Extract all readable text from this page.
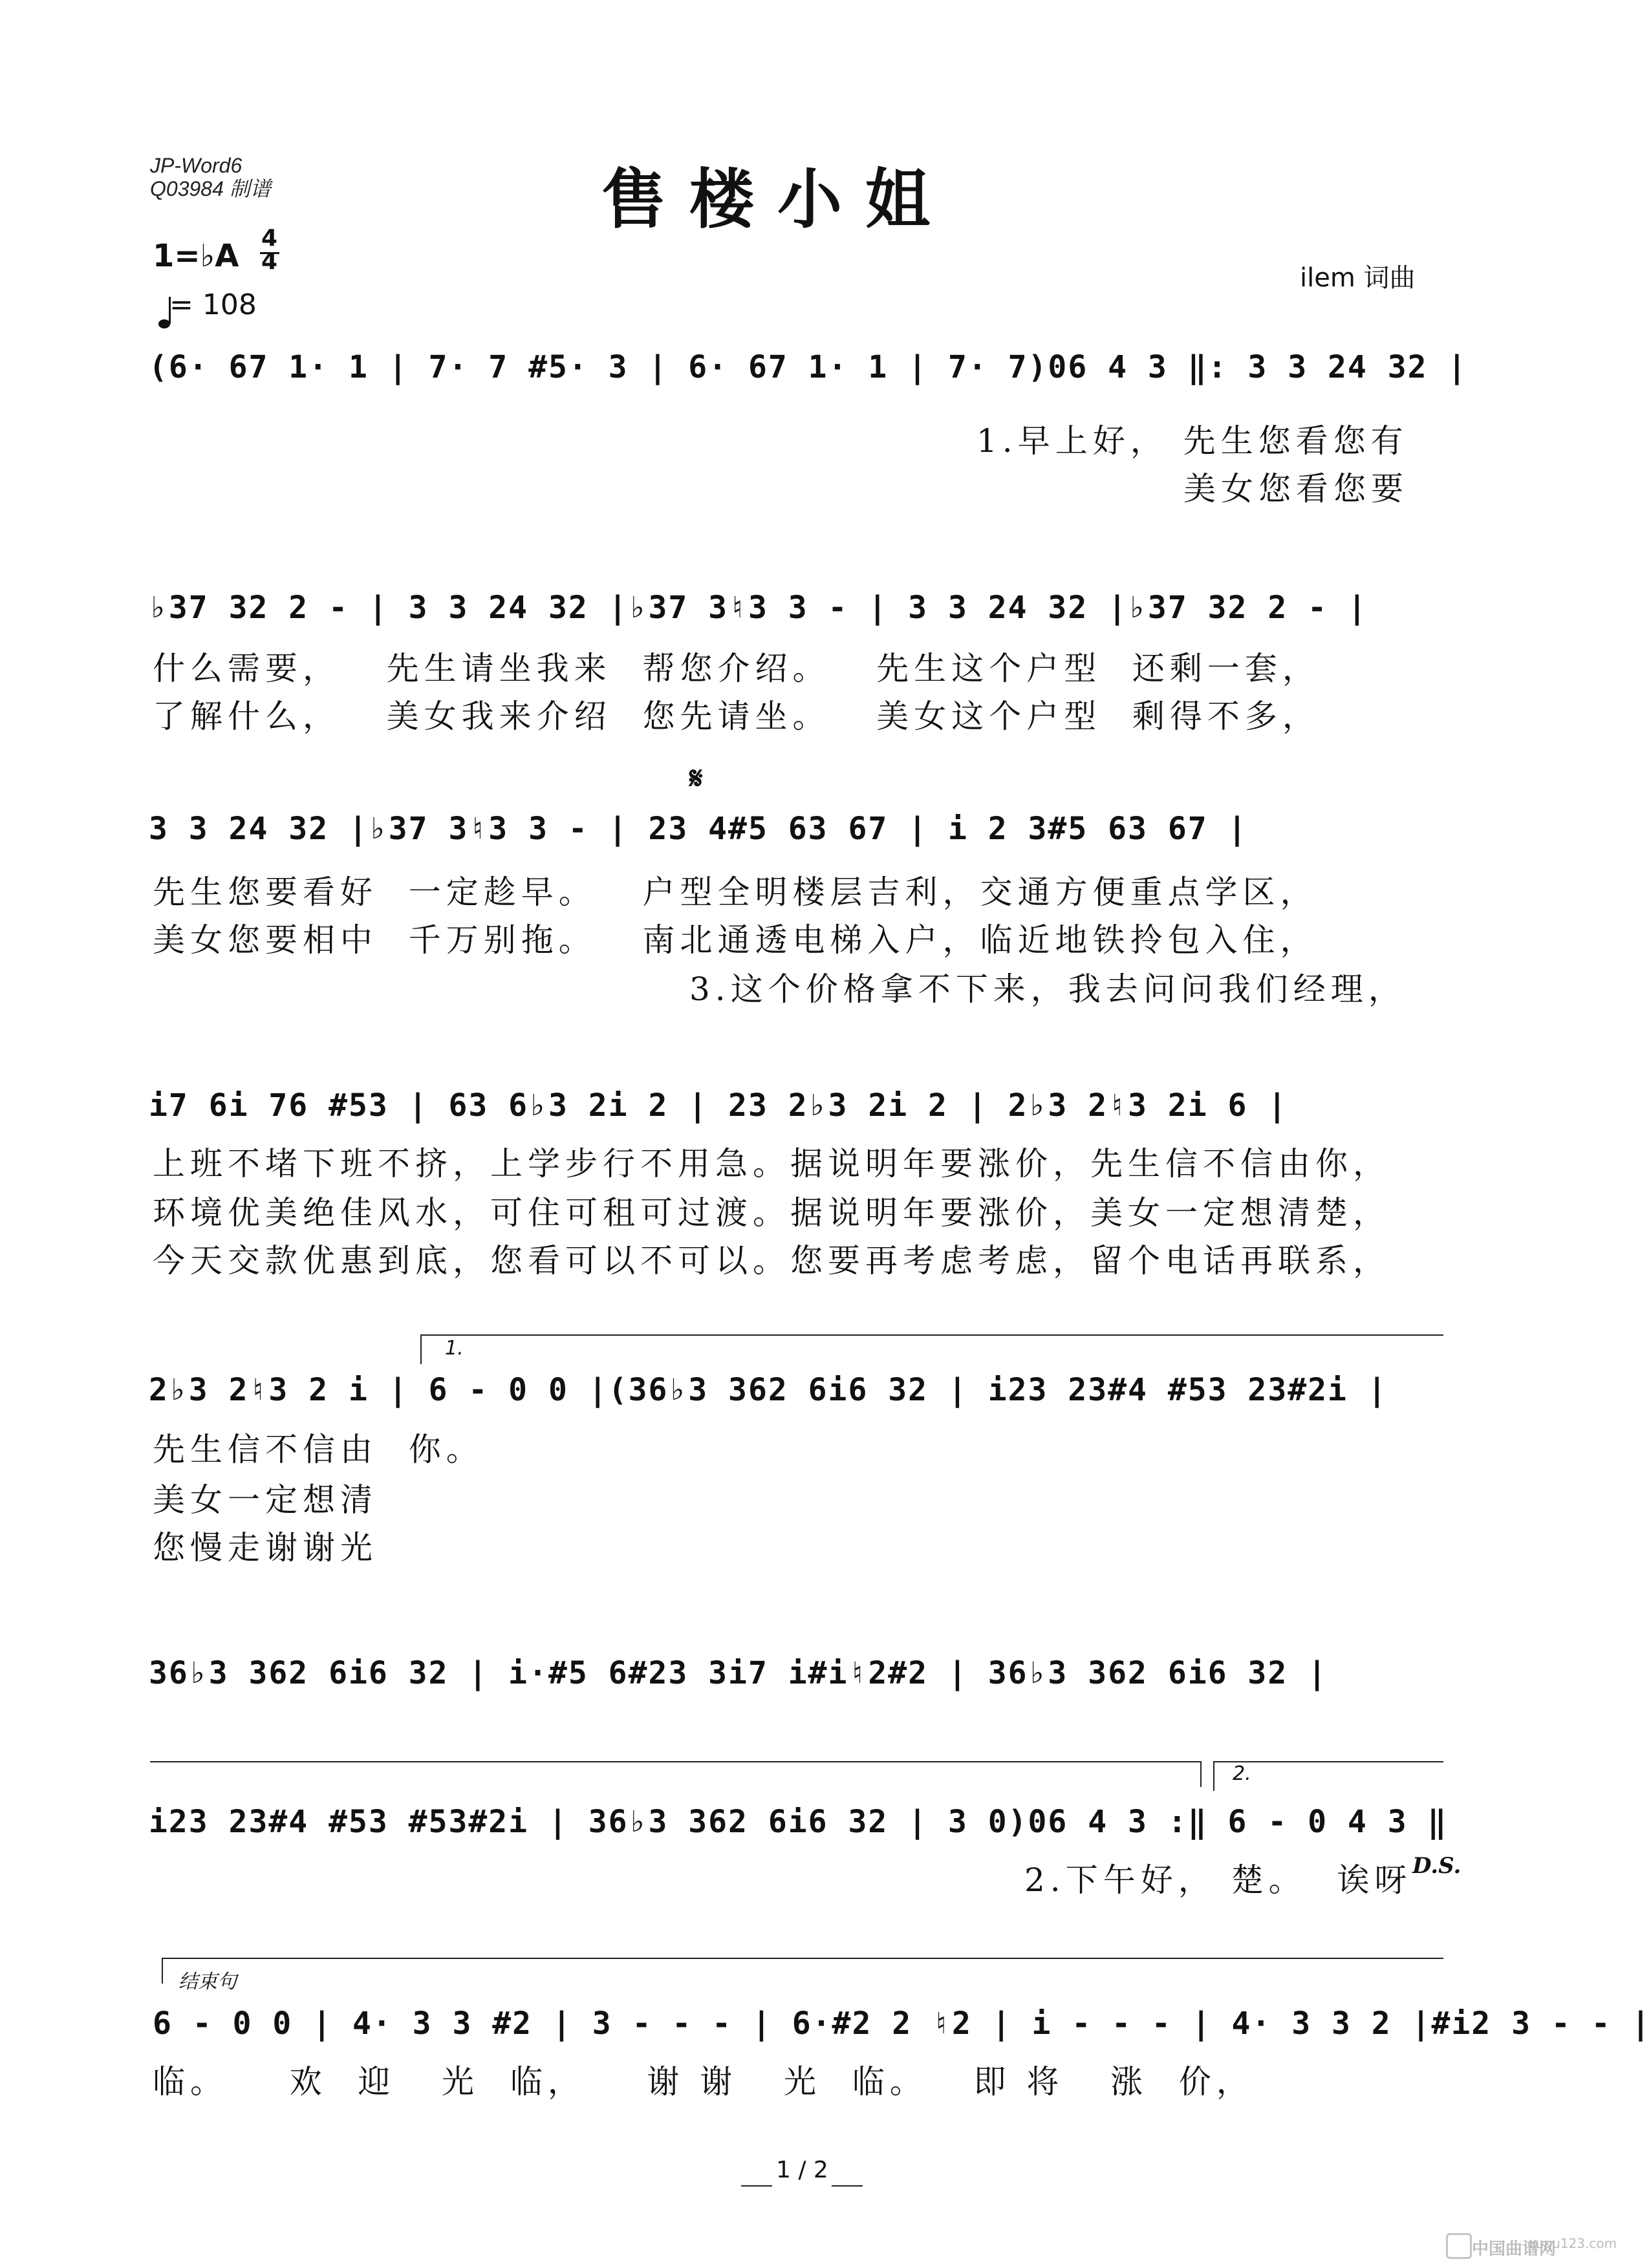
JP-Word6
Q03984 制谱	售楼小姐
1=♭A 4
4

= 108
ilem 词曲
(6· 67 1· 1 | 7· 7 #5· 3 | 6· 67 1· 1 | 7· 7)06 4 3 ‖: 3 3 24 32 |
1.早上好， 先生您看您有
美女您看您要
♭37 32 2 - | 3 3 24 32 |♭37 3♮3 3 - | 3 3 24 32 |♭37 32 2 - |
什么需要，   先生请坐我来  帮您介绍。   先生这个户型  还剩一套，
了解什么，   美女我来介绍  您先请坐。   美女这个户型  剩得不多，
𝄋
3 3 24 32 |♭37 3♮3 3 - | 23 4#5 63 67 | i 2 3#5 63 67 |
先生您要看好  一定趁早。   户型全明楼层吉利，交通方便重点学区，
美女您要相中  千万别拖。   南北通透电梯入户，临近地铁拎包入住，
3.这个价格拿不下来，我去问问我们经理，
i7 6i 76 #53 | 63 6♭3 2i 2 | 23 2♭3 2i 2 | 2♭3 2♮3 2i 6 |
上班不堵下班不挤，上学步行不用急。据说明年要涨价，先生信不信由你，
环境优美绝佳风水，可住可租可过渡。据说明年要涨价，美女一定想清楚，
今天交款优惠到底，您看可以不可以。您要再考虑考虑，留个电话再联系，
1.
2♭3 2♮3 2 i | 6 - 0 0 |(36♭3 362 6i6 32 | i23 23#4 #53 23#2i |
先生信不信由  你。
美女一定想清
您慢走谢谢光
36♭3 362 6i6 32 | i·#5 6#23 3i7 i#i♮2#2 | 36♭3 362 6i6 32 |
2.
i23 23#4 #53 #53#2i | 36♭3 362 6i6 32 | 3 0)06 4 3 :‖ 6 - 0 4 3 ‖
2.下午好， 楚。  诶呀 D.S.
结束句
6 - 0 0 | 4· 3 3 #2 | 3 - - - | 6·#2 2 ♮2 | i - - - | 4· 3 3 2 |#i2 3 - - |
临。    欢  迎   光  临，    谢 谢   光  临。   即 将   涨  价，
1 / 2
中国曲谱网
qupu123.com
